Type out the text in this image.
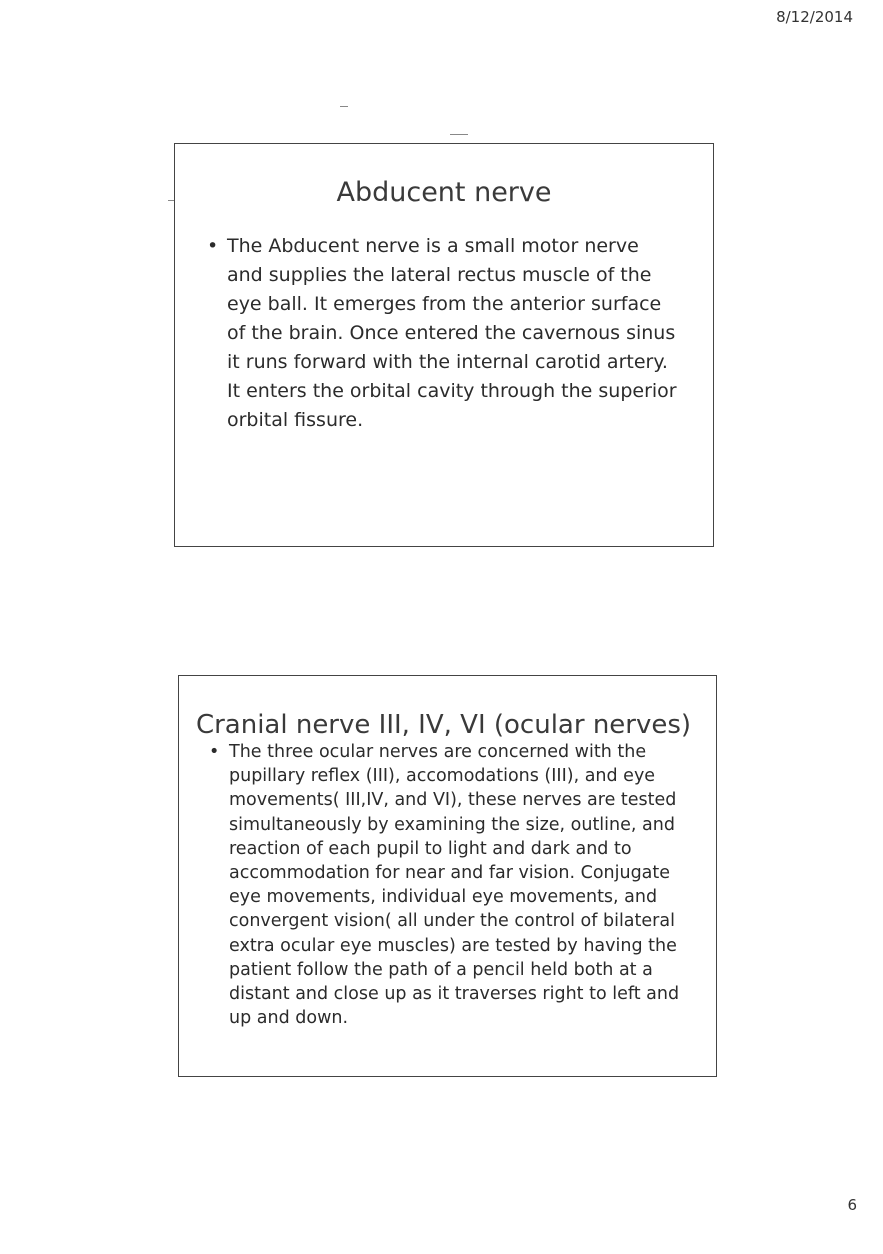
8/12/2014
Abducent nerve

• The Abducent nerve is a small motor nerve and supplies the lateral rectus muscle of the eye ball. It emerges from the anterior surface of the brain. Once entered the cavernous sinus it runs forward with the internal carotid artery. It enters the orbital cavity through the superior orbital fissure.

Cranial nerve III, IV, VI (ocular nerves)

• The three ocular nerves are concerned with the pupillary reflex (III), accomodations (III), and eye movements( III,IV, and VI), these nerves are tested simultaneously by examining the size, outline, and reaction of each pupil to light and dark and to accommodation for near and far vision. Conjugate eye movements, individual eye movements, and convergent vision( all under the control of bilateral extra ocular eye muscles) are tested by having the patient follow the path of a pencil held both at a distant and close up as it traverses right to left and up and down.

6
